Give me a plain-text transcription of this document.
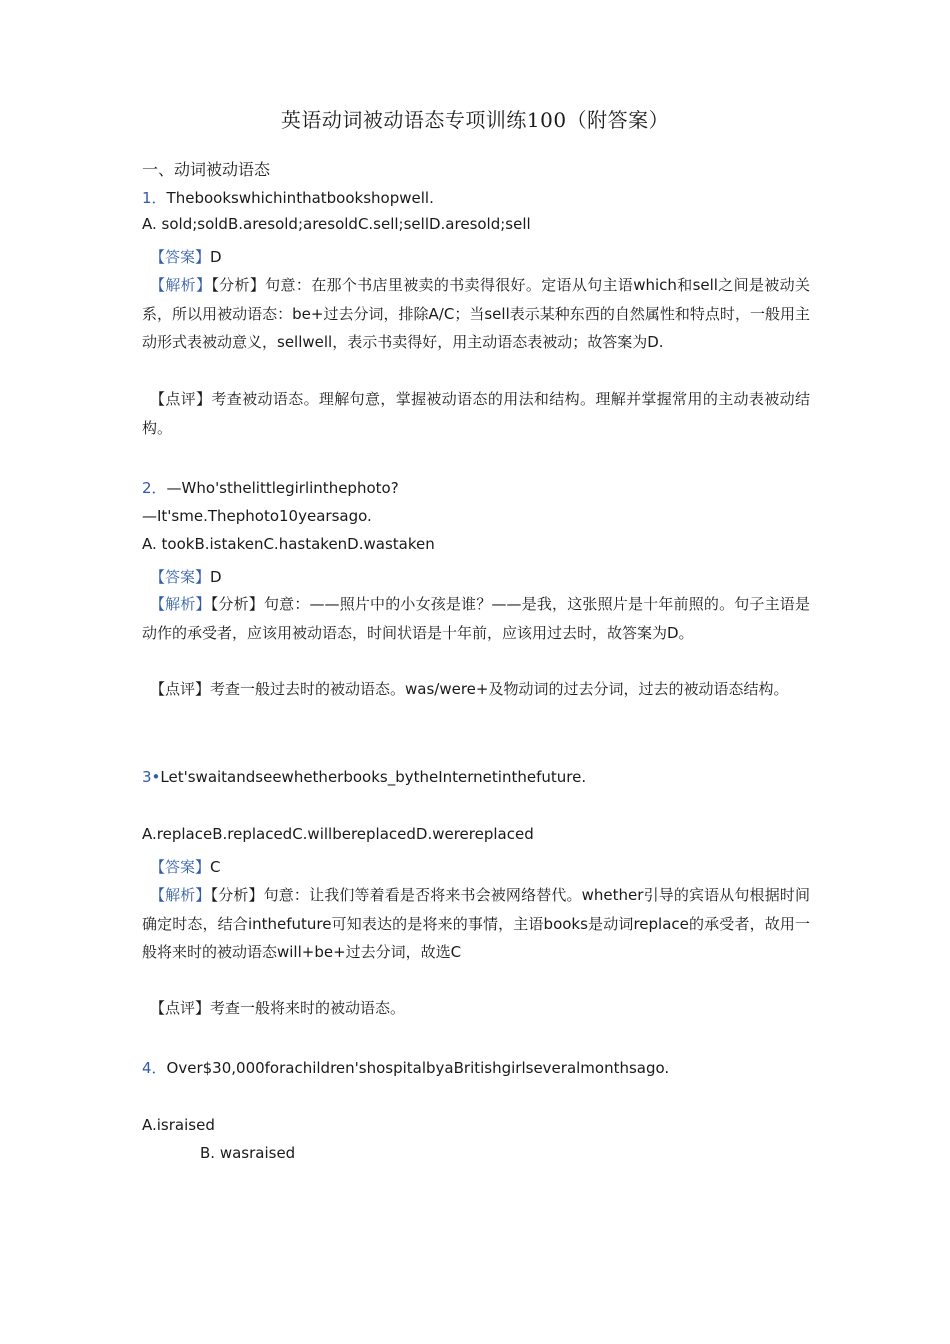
英语动词被动语态专项训练100（附答案）

一、动词被动语态

1．Thebookswhichinthatbookshopwell.

A. sold;soldB.aresold;aresoldC.sell;sellD.aresold;sell

【答案】D

【解析】【分析】句意：在那个书店里被卖的书卖得很好。定语从句主语which和sell之间是被动关系，所以用被动语态：be+过去分词，排除A/C；当sell表示某种东西的自然属性和特点时，一般用主动形式表被动意义，sellwell，表示书卖得好，用主动语态表被动；故答案为D.

【点评】考查被动语态。理解句意，掌握被动语态的用法和结构。理解并掌握常用的主动表被动结构。

2．—Who'sthelittlegirlinthephoto?

—It'sme.Thephoto10yearsago.

A. tookB.istakenC.hastakenD.wastaken

【答案】D

【解析】【分析】句意：——照片中的小女孩是谁？——是我，这张照片是十年前照的。句子主语是动作的承受者，应该用被动语态，时间状语是十年前，应该用过去时，故答案为D。

【点评】考查一般过去时的被动语态。was/were+及物动词的过去分词，过去的被动语态结构。

3•Let'swaitandseewhetherbooks_bytheInternetinthefuture.

A.replaceB.replacedC.willbereplacedD.werereplaced

【答案】C

【解析】【分析】句意：让我们等着看是否将来书会被网络替代。whether引导的宾语从句根据时间确定时态，结合inthefuture可知表达的是将来的事情，主语books是动词replace的承受者，故用一般将来时的被动语态will+be+过去分词，故选C

【点评】考查一般将来时的被动语态。

4．Over$30,000forachildren'shospitalbyaBritishgirlseveralmonthsago.

A.israised

B. wasraised
